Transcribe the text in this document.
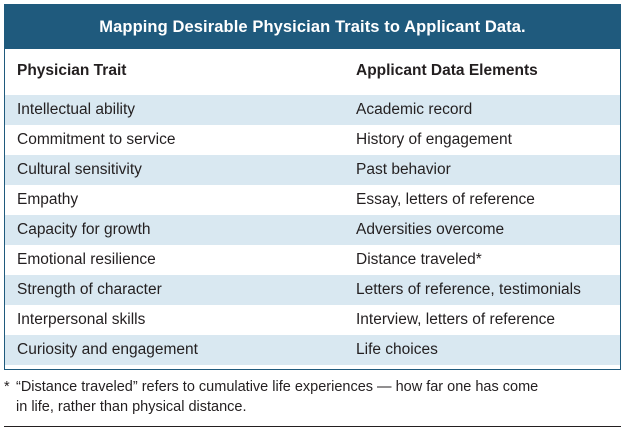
Mapping Desirable Physician Traits to Applicant Data.
Physician Trait	Applicant Data Elements
Intellectual ability	Academic record
Commitment to service	History of engagement
Cultural sensitivity	Past behavior
Empathy	Essay, letters of reference
Capacity for growth	Adversities overcome
Emotional resilience	Distance traveled*
Strength of character	Letters of reference, testimonials
Interpersonal skills	Interview, letters of reference
Curiosity and engagement	Life choices
* “Distance traveled” refers to cumulative life experiences — how far one has come
in life, rather than physical distance.
